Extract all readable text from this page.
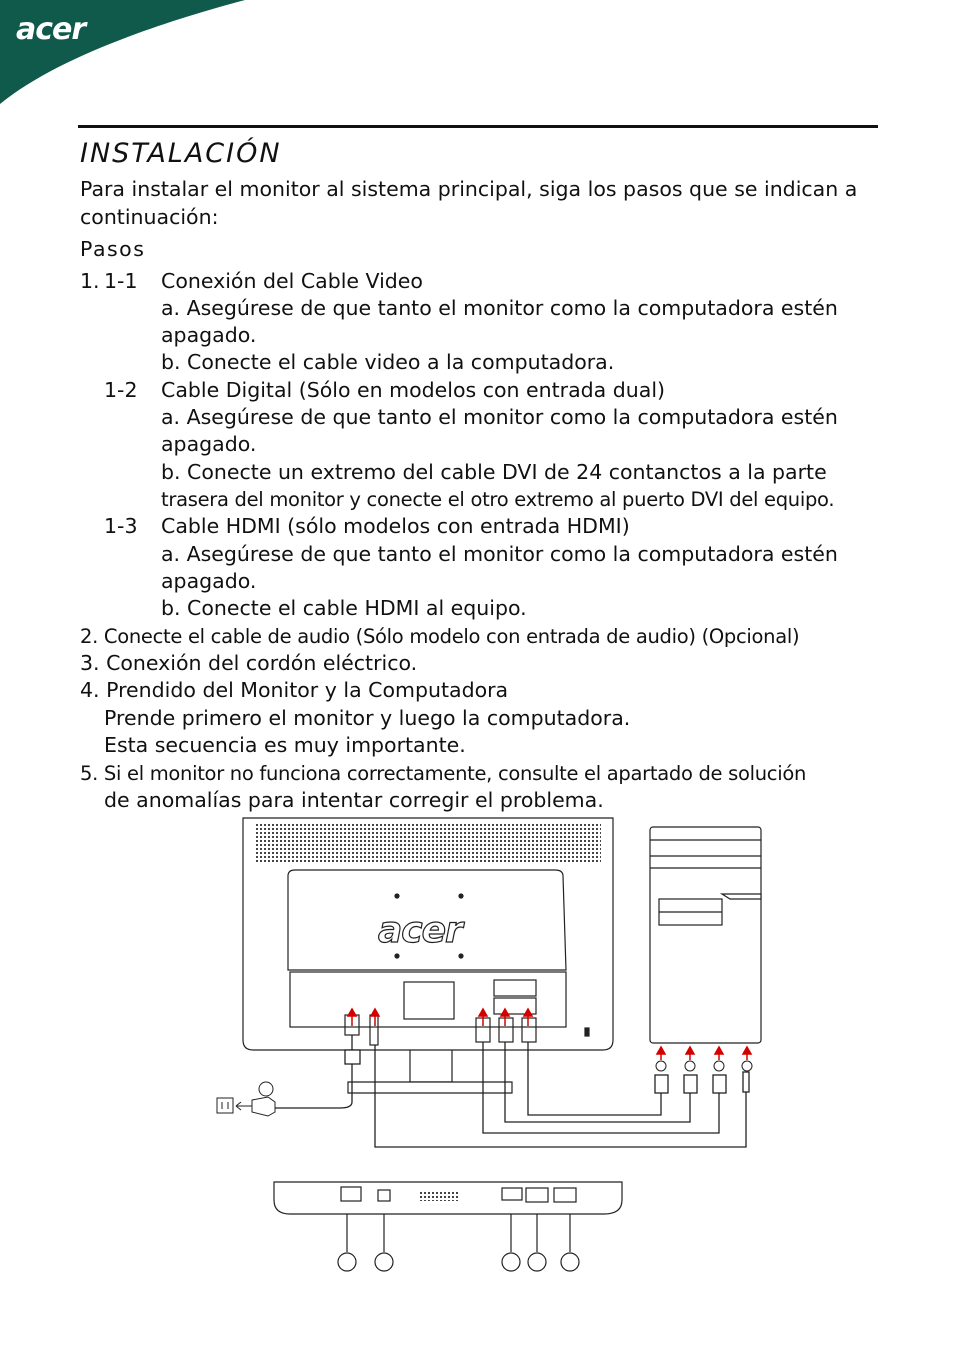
acer
INSTALACIÓN
Para instalar el monitor al sistema principal, siga los pasos que se indican a
continuación:
Pasos
1. 1-1 Conexión del Cable Video
a. Asegúrese de que tanto el monitor como la computadora estén
apagado.
b. Conecte el cable video a la computadora.
1-2 Cable Digital (Sólo en modelos con entrada dual)
a. Asegúrese de que tanto el monitor como la computadora estén
apagado.
b. Conecte un extremo del cable DVI de 24 contanctos a la parte
trasera del monitor y conecte el otro extremo al puerto DVI del equipo.
1-3 Cable HDMI (sólo modelos con entrada HDMI)
a. Asegúrese de que tanto el monitor como la computadora estén
apagado.
b. Conecte el cable HDMI al equipo.
2. Conecte el cable de audio (Sólo modelo con entrada de audio) (Opcional)
3. Conexión del cordón eléctrico.
4. Prendido del Monitor y la Computadora
Prende primero el monitor y luego la computadora.
Esta secuencia es muy importante.
5. Si el monitor no funciona correctamente, consulte el apartado de solución
de anomalías para intentar corregir el problema.
acer
